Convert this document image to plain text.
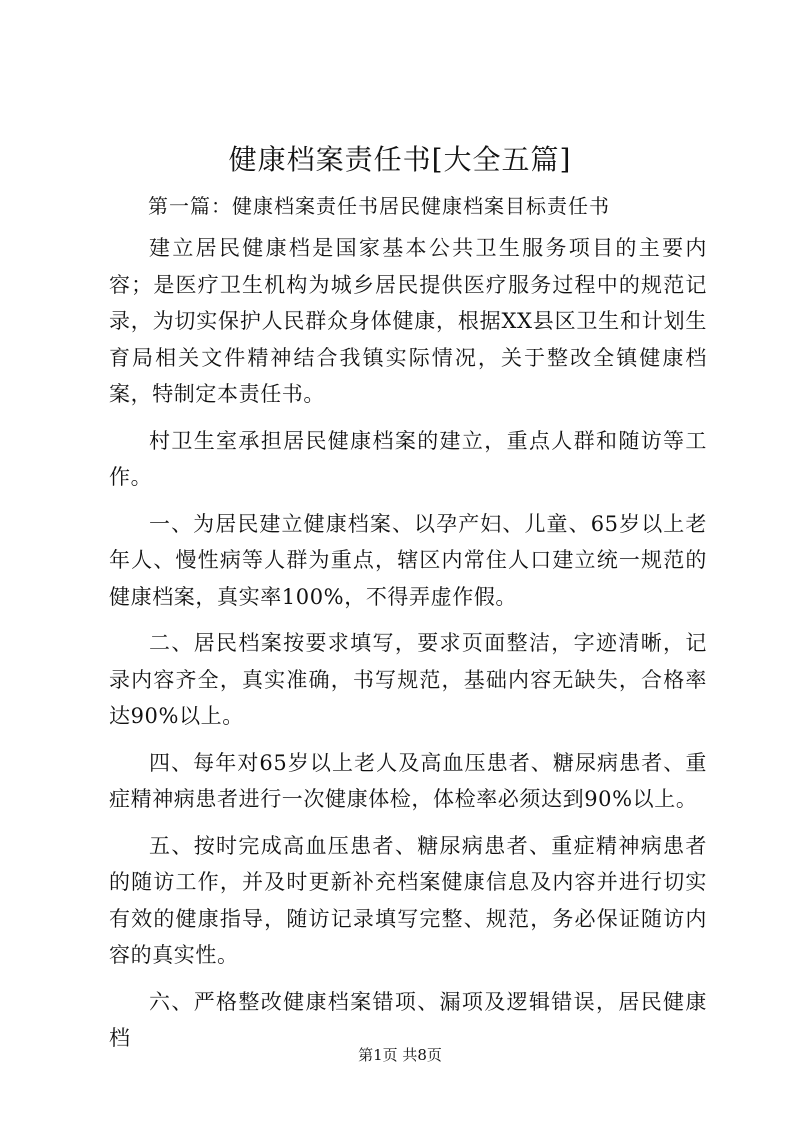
健康档案责任书[大全五篇]
第一篇：健康档案责任书居民健康档案目标责任书

建立居民健康档是国家基本公共卫生服务项目的主要内容；是医疗卫生机构为城乡居民提供医疗服务过程中的规范记录，为切实保护人民群众身体健康，根据XX县区卫生和计划生育局相关文件精神结合我镇实际情况，关于整改全镇健康档案，特制定本责任书。

村卫生室承担居民健康档案的建立，重点人群和随访等工作。

一、为居民建立健康档案、以孕产妇、儿童、65岁以上老年人、慢性病等人群为重点，辖区内常住人口建立统一规范的健康档案，真实率100%，不得弄虚作假。

二、居民档案按要求填写，要求页面整洁，字迹清晰，记录内容齐全，真实准确，书写规范，基础内容无缺失，合格率达90%以上。

四、每年对65岁以上老人及高血压患者、糖尿病患者、重症精神病患者进行一次健康体检，体检率必须达到90%以上。

五、按时完成高血压患者、糖尿病患者、重症精神病患者的随访工作，并及时更新补充档案健康信息及内容并进行切实有效的健康指导，随访记录填写完整、规范，务必保证随访内容的真实性。

六、严格整改健康档案错项、漏项及逻辑错误，居民健康档

第1页 共8页
